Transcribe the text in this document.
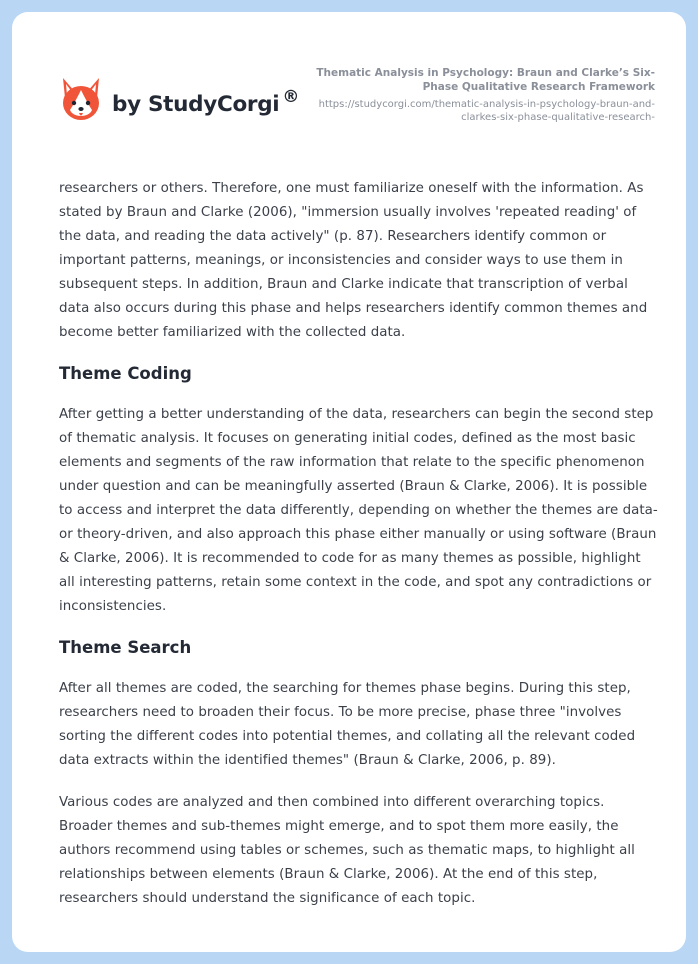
by StudyCorgi ®
Thematic Analysis in Psychology: Braun and Clarke’s Six-Phase Qualitative Research Framework
https://studycorgi.com/thematic-analysis-in-psychology-braun-and-clarkes-six-phase-qualitative-research-

researchers or others. Therefore, one must familiarize oneself with the information. As stated by Braun and Clarke (2006), "immersion usually involves 'repeated reading' of the data, and reading the data actively" (p. 87). Researchers identify common or important patterns, meanings, or inconsistencies and consider ways to use them in subsequent steps. In addition, Braun and Clarke indicate that transcription of verbal data also occurs during this phase and helps researchers identify common themes and become better familiarized with the collected data.

Theme Coding

After getting a better understanding of the data, researchers can begin the second step of thematic analysis. It focuses on generating initial codes, defined as the most basic elements and segments of the raw information that relate to the specific phenomenon under question and can be meaningfully asserted (Braun & Clarke, 2006). It is possible to access and interpret the data differently, depending on whether the themes are data- or theory-driven, and also approach this phase either manually or using software (Braun & Clarke, 2006). It is recommended to code for as many themes as possible, highlight all interesting patterns, retain some context in the code, and spot any contradictions or inconsistencies.

Theme Search

After all themes are coded, the searching for themes phase begins. During this step, researchers need to broaden their focus. To be more precise, phase three "involves sorting the different codes into potential themes, and collating all the relevant coded data extracts within the identified themes" (Braun & Clarke, 2006, p. 89).

Various codes are analyzed and then combined into different overarching topics. Broader themes and sub-themes might emerge, and to spot them more easily, the authors recommend using tables or schemes, such as thematic maps, to highlight all relationships between elements (Braun & Clarke, 2006). At the end of this step, researchers should understand the significance of each topic.
